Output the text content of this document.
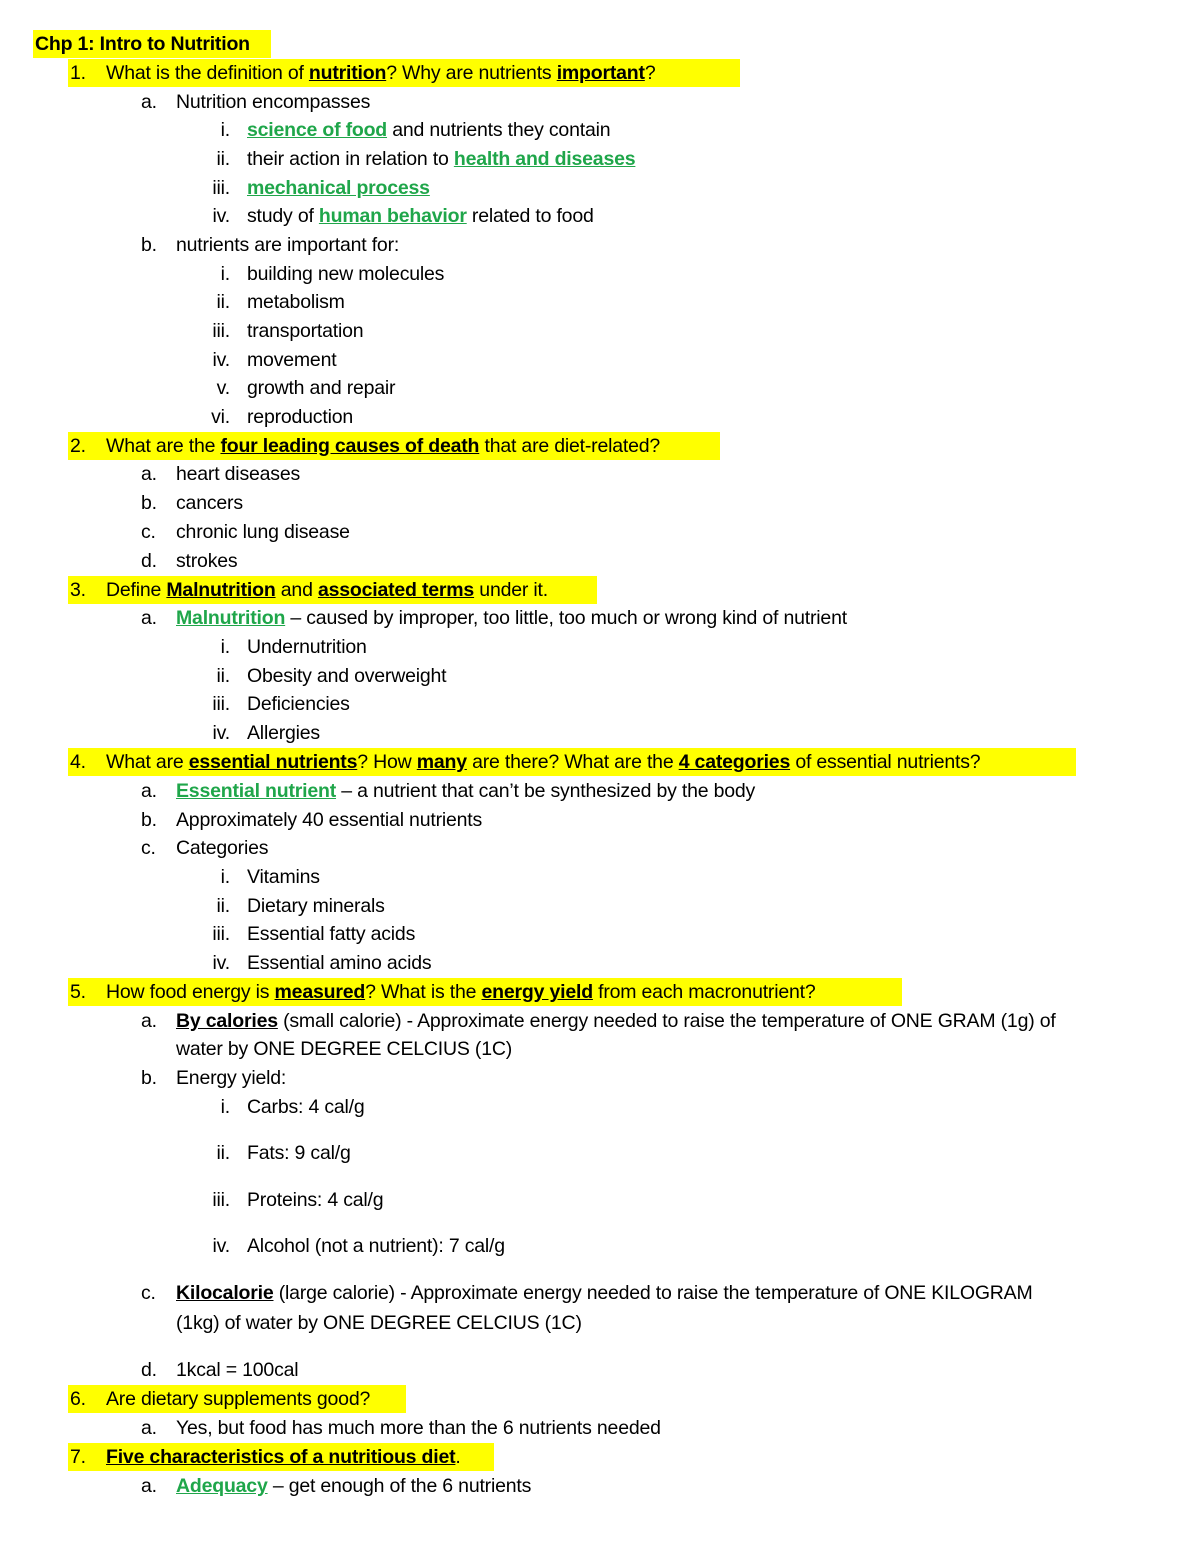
Chp 1: Intro to Nutrition
1.	What is the definition of nutrition? Why are nutrients important?
a. Nutrition encompasses
i. science of food and nutrients they contain
ii. their action in relation to health and diseases
iii. mechanical process
iv. study of human behavior related to food
b. nutrients are important for:
i. building new molecules
ii. metabolism
iii. transportation
iv. movement
v. growth and repair
vi. reproduction
2.	What are the four leading causes of death that are diet-related?
a. heart diseases
b. cancers
c.	chronic lung disease
d. strokes
3.	Define Malnutrition and associated terms under it.
a. Malnutrition – caused by improper, too little, too much or wrong kind of nutrient
i. Undernutrition
ii. Obesity and overweight
iii. Deficiencies
iv. Allergies
4.	What are essential nutrients? How many are there? What are the 4 categories of essential nutrients?
a. Essential nutrient – a nutrient that can’t be synthesized by the body
b. Approximately 40 essential nutrients
c.	Categories
i. Vitamins
ii. Dietary minerals
iii. Essential fatty acids
iv. Essential amino acids
5.	How food energy is measured? What is the energy yield from each macronutrient?
a. By calories (small calorie) - Approximate energy needed to raise the temperature of ONE GRAM (1g) of
water by ONE DEGREE CELCIUS (1C)
b. Energy yield:
i. Carbs: 4 cal/g
ii. Fats: 9 cal/g
iii. Proteins: 4 cal/g
iv. Alcohol (not a nutrient): 7 cal/g
c.	Kilocalorie (large calorie) - Approximate energy needed to raise the temperature of ONE KILOGRAM
(1kg) of water by ONE DEGREE CELCIUS (1C)
d. 1kcal = 100cal
6.	Are dietary supplements good?
a. Yes, but food has much more than the 6 nutrients needed
7.	Five characteristics of a nutritious diet.
a. Adequacy – get enough of the 6 nutrients
